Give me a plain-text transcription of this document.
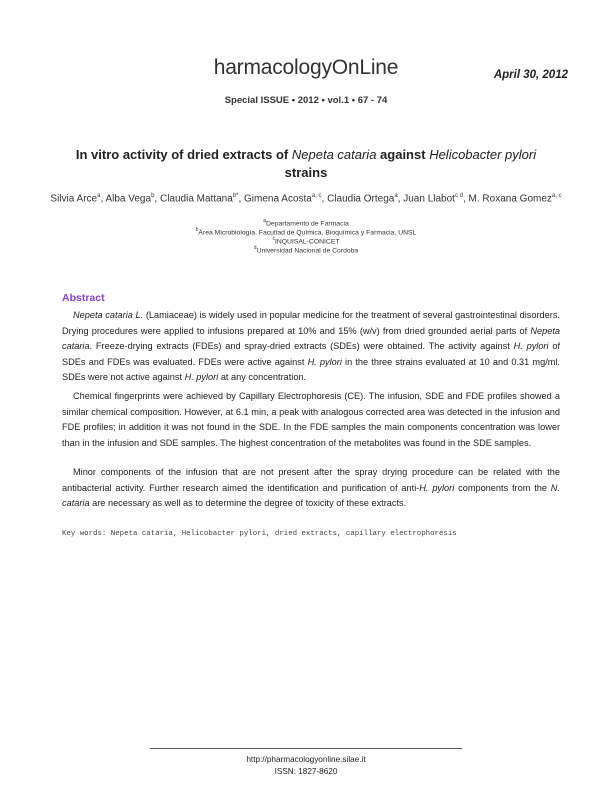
harmacologyOnLine	April 30, 2012
Special ISSUE • 2012 • vol.1 • 67 - 74
In vitro activity of dried extracts of Nepeta cataria against Helicobacter pylori strains
Silvia Arce$^a$, Alba Vega$^b$, Claudia Mattana$^{b*}$, Gimena Acosta$^{a, c}$, Claudia Ortega$^a$, Juan Llabot$^{c d}$, M. Roxana Gomez$^{a, c}$
$^a$Departamento de Farmacia
$^b$Área Microbiología. Facultad de Química, Bioquímica y Farmacia, UNSL
$^c$INQUISAL-CONICET
$^d$Universidad Nacional de Cordoba
Abstract

Nepeta cataria L. (Lamiaceae) is widely used in popular medicine for the treatment of several gastrointestinal disorders. Drying procedures were applied to infusions prepared at 10% and 15% (w/v) from dried grounded aerial parts of Nepeta cataria. Freeze-drying extracts (FDEs) and spray-dried extracts (SDEs) were obtained. The activity against H. pylori of SDEs and FDEs was evaluated. FDEs were active against H. pylori in the three strains evaluated at 10 and 0.31 mg/ml. SDEs were not active against H. pylori at any concentration.

Chemical fingerprints were achieved by Capillary Electrophoresis (CE). The infusion, SDE and FDE profiles showed a similar chemical composition. However, at 6.1 min, a peak with analogous corrected area was detected in the infusion and FDE profiles; in addition it was not found in the SDE. In the FDE samples the main components concentration was lower than in the infusion and SDE samples. The highest concentration of the metabolites was found in the SDE samples.

Minor components of the infusion that are not present after the spray drying procedure can be related with the antibacterial activity. Further research aimed the identification and purification of anti-H. pylori components from the N. cataria are necessary as well as to determine the degree of toxicity of these extracts.

Key words: Nepeta cataria, Helicobacter pylori, dried extracts, capillary electrophoresis
http://pharmacologyonline.silae.it
ISSN: 1827-8620
